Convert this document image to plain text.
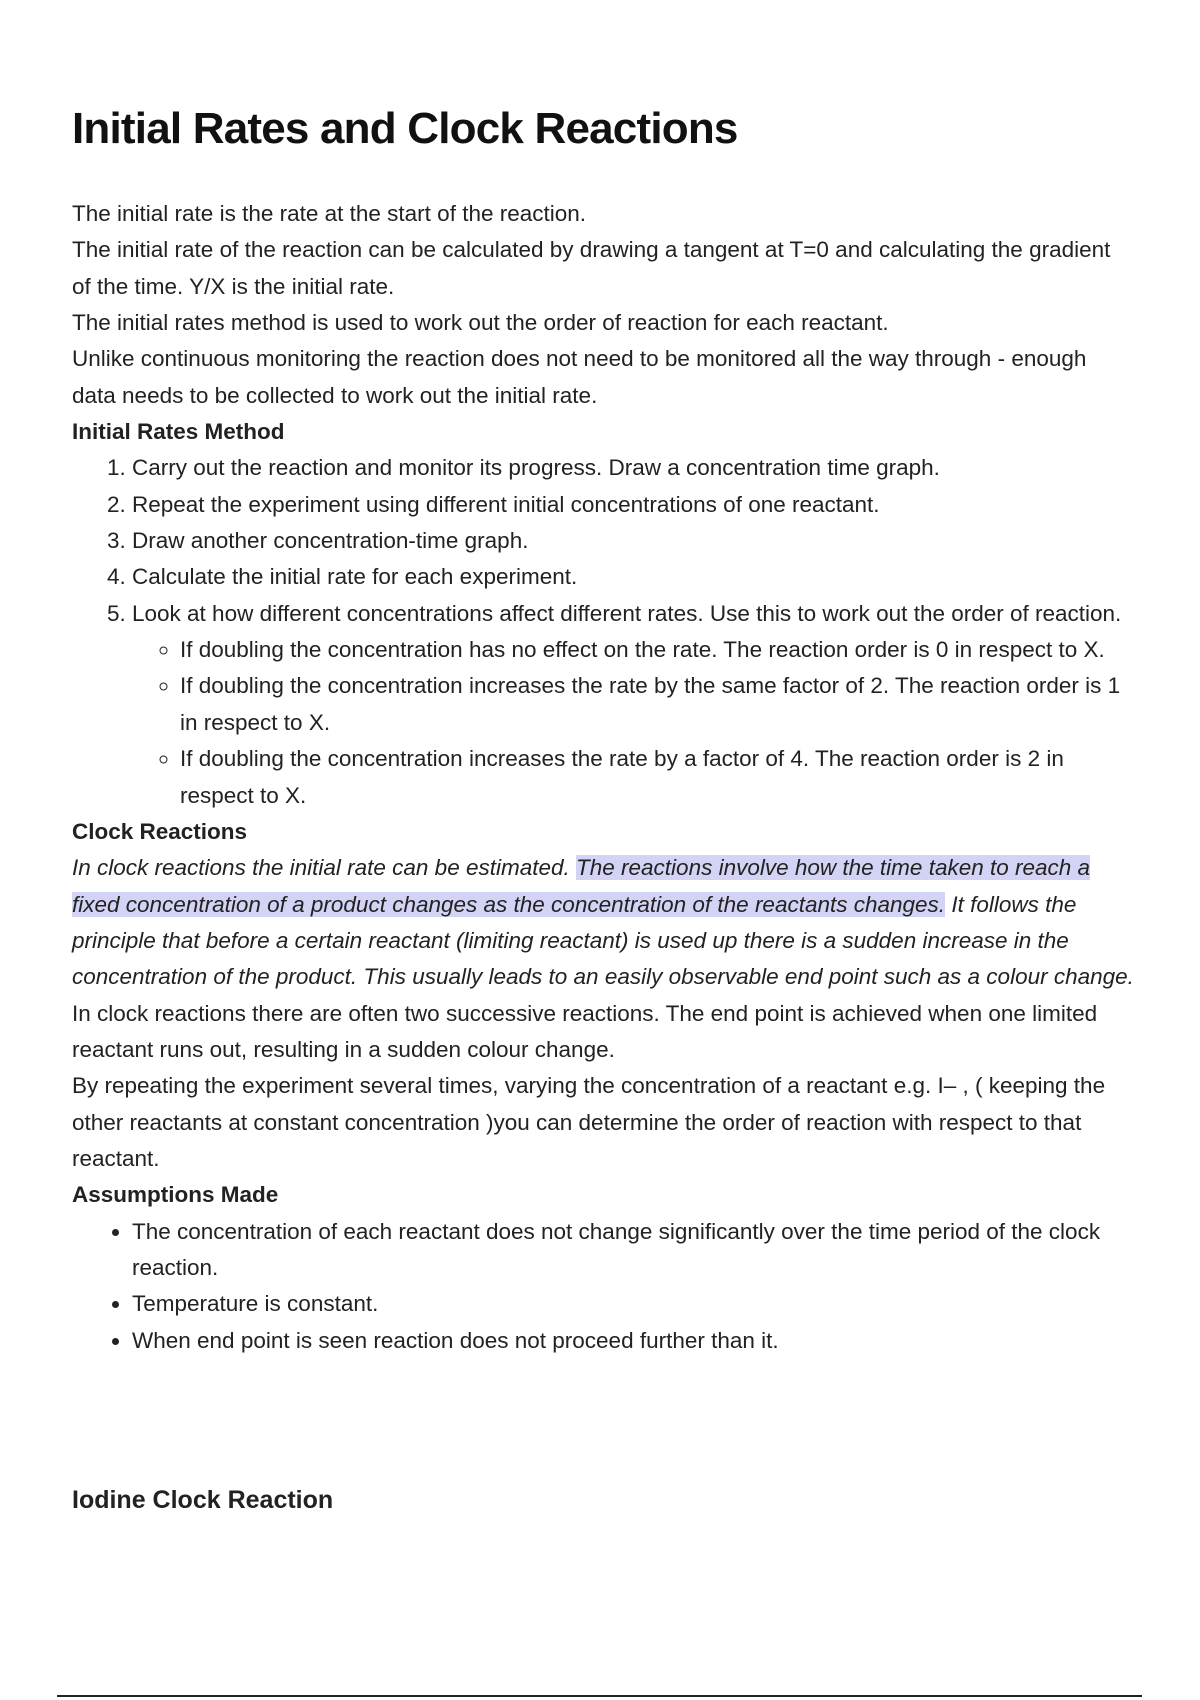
Initial Rates and Clock Reactions

The initial rate is the rate at the start of the reaction.

The initial rate of the reaction can be calculated by drawing a tangent at T=0 and calculating the gradient of the time. Y/X is the initial rate.

The initial rates method is used to work out the order of reaction for each reactant.

Unlike continuous monitoring the reaction does not need to be monitored all the way through - enough data needs to be collected to work out the initial rate.

Initial Rates Method

1. Carry out the reaction and monitor its progress. Draw a concentration time graph.
2. Repeat the experiment using different initial concentrations of one reactant.
3. Draw another concentration-time graph.
4. Calculate the initial rate for each experiment.
5. Look at how different concentrations affect different rates. Use this to work out the order of reaction.
◦ If doubling the concentration has no effect on the rate. The reaction order is 0 in respect to X.
◦ If doubling the concentration increases the rate by the same factor of 2. The reaction order is 1 in respect to X.
◦ If doubling the concentration increases the rate by a factor of 4. The reaction order is 2 in respect to X.

Clock Reactions

In clock reactions the initial rate can be estimated. The reactions involve how the time taken to reach a fixed concentration of a product changes as the concentration of the reactants changes. It follows the principle that before a certain reactant (limiting reactant) is used up there is a sudden increase in the concentration of the product. This usually leads to an easily observable end point such as a colour change.

In clock reactions there are often two successive reactions. The end point is achieved when one limited reactant runs out, resulting in a sudden colour change.

By repeating the experiment several times, varying the concentration of a reactant e.g. I– , ( keeping the other reactants at constant concentration )you can determine the order of reaction with respect to that reactant.

Assumptions Made

• The concentration of each reactant does not change significantly over the time period of the clock reaction.
• Temperature is constant.
• When end point is seen reaction does not proceed further than it.
Iodine Clock Reaction
